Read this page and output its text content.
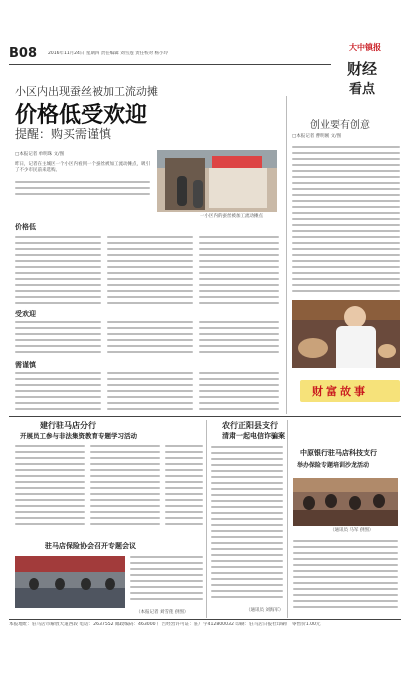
B08 2016年11月24日 星期四 责任编辑 刘雪莲 责任校对 杨小玲
大中镇报
财经
看点
小区内出现蚕丝被加工流动摊
价格低受欢迎
提醒：购买需谨慎
□本报记者 单明珠 文/图
昨日，记者在主城区一个小区内看到一个蚕丝被加工流动摊点，吸引了不少市民前来选购。
一小区内的蚕丝被加工流动摊点
价格低
受欢迎
需谨慎
创业要有创意
□本报记者 曹明刚 文/图
财富故事
建行驻马店分行
开展员工参与非法集资教育专题学习活动
驻马店保险协会召开专题会议
（本报记者 刘雪莲 供图）
农行正阳县支行
清肃一起电信诈骗案
（通讯员 刘海军）
中原银行驻马店科技支行
举办保险专题培训沙龙活动
（通讯员 马军 供图）
本报地址：驻马店市解放大道西段 电话：2637552 邮政编码：463000 广告经营许可证：驻广字412800032 印刷：驻马店日报社印刷厂 零售价1.00元
